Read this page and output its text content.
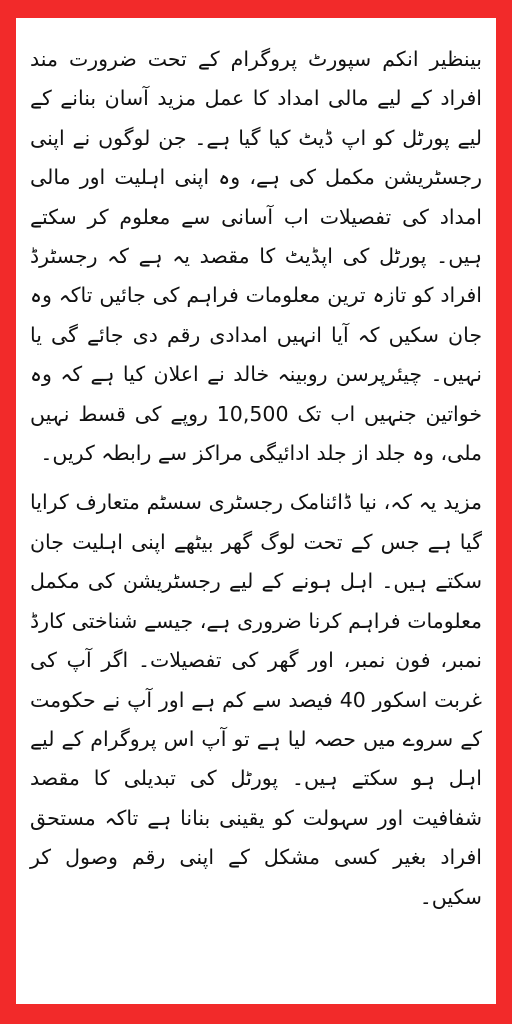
بینظیر انکم سپورٹ پروگرام کے تحت ضرورت مند افراد کے لیے مالی امداد کا عمل مزید آسان بنانے کے لیے پورٹل کو اپ ڈیٹ کیا گیا ہے۔ جن لوگوں نے اپنی رجسٹریشن مکمل کی ہے، وہ اپنی اہلیت اور مالی امداد کی تفصیلات اب آسانی سے معلوم کر سکتے ہیں۔ پورٹل کی اپڈیٹ کا مقصد یہ ہے کہ رجسٹرڈ افراد کو تازہ ترین معلومات فراہم کی جائیں تاکہ وہ جان سکیں کہ آیا انہیں امدادی رقم دی جائے گی یا نہیں۔ چیئرپرسن روبینہ خالد نے اعلان کیا ہے کہ وہ خواتین جنہیں اب تک 10,500 روپے کی قسط نہیں ملی، وہ جلد از جلد ادائیگی مراکز سے رابطہ کریں۔

مزید یہ کہ، نیا ڈائنامک رجسٹری سسٹم متعارف کرایا گیا ہے جس کے تحت لوگ گھر بیٹھے اپنی اہلیت جان سکتے ہیں۔ اہل ہونے کے لیے رجسٹریشن کی مکمل معلومات فراہم کرنا ضروری ہے، جیسے شناختی کارڈ نمبر، فون نمبر، اور گھر کی تفصیلات۔ اگر آپ کی غربت اسکور 40 فیصد سے کم ہے اور آپ نے حکومت کے سروے میں حصہ لیا ہے تو آپ اس پروگرام کے لیے اہل ہو سکتے ہیں۔ پورٹل کی تبدیلی کا مقصد شفافیت اور سہولت کو یقینی بنانا ہے تاکہ مستحق افراد بغیر کسی مشکل کے اپنی رقم وصول کر سکیں۔
